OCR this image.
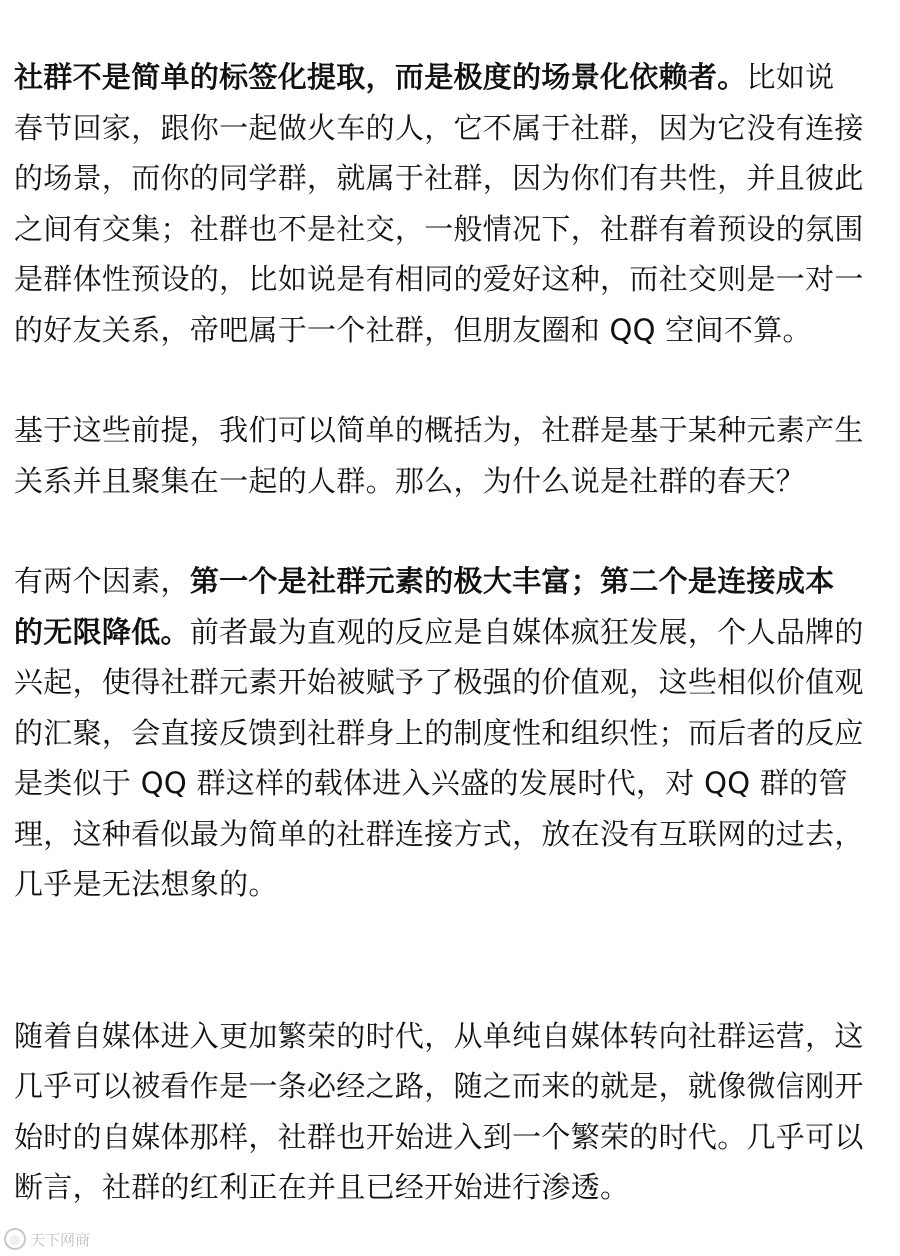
社群不是简单的标签化提取，而是极度的场景化依赖者。比如说
春节回家，跟你一起做火车的人，它不属于社群，因为它没有连接
的场景，而你的同学群，就属于社群，因为你们有共性，并且彼此
之间有交集；社群也不是社交，一般情况下，社群有着预设的氛围
是群体性预设的，比如说是有相同的爱好这种，而社交则是一对一
的好友关系，帝吧属于一个社群，但朋友圈和 QQ 空间不算。

基于这些前提，我们可以简单的概括为，社群是基于某种元素产生
关系并且聚集在一起的人群。那么，为什么说是社群的春天？

有两个因素，第一个是社群元素的极大丰富；第二个是连接成本
的无限降低。前者最为直观的反应是自媒体疯狂发展，个人品牌的
兴起，使得社群元素开始被赋予了极强的价值观，这些相似价值观
的汇聚，会直接反馈到社群身上的制度性和组织性；而后者的反应
是类似于 QQ 群这样的载体进入兴盛的发展时代，对 QQ 群的管
理，这种看似最为简单的社群连接方式，放在没有互联网的过去，
几乎是无法想象的。

随着自媒体进入更加繁荣的时代，从单纯自媒体转向社群运营，这
几乎可以被看作是一条必经之路，随之而来的就是，就像微信刚开
始时的自媒体那样，社群也开始进入到一个繁荣的时代。几乎可以
断言，社群的红利正在并且已经开始进行渗透。

◎ 天下网商
